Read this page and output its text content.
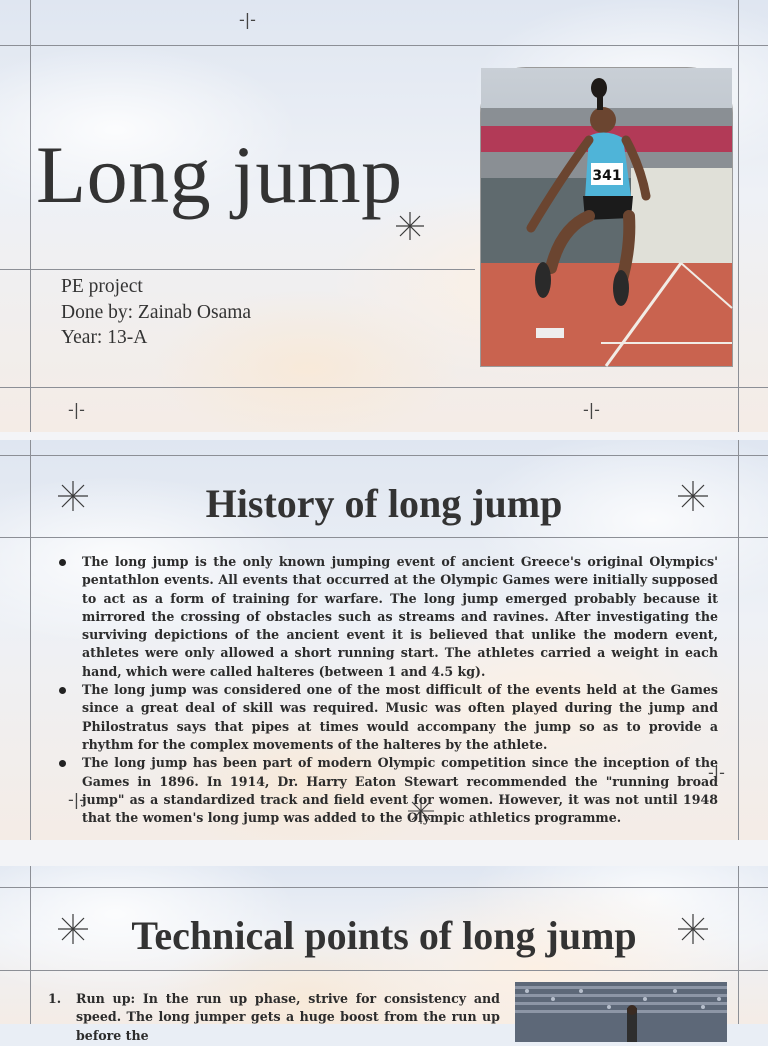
-|-
-|-	-|-
Long jump
PE project
Done by: Zainab Osama
Year: 13-A
341
History of long jump
The long jump is the only known jumping event of ancient Greece's original Olympics' pentathlon events. All events that occurred at the Olympic Games were initially supposed to act as a form of training for warfare. The long jump emerged probably because it mirrored the crossing of obstacles such as streams and ravines. After investigating the surviving depictions of the ancient event it is believed that unlike the modern event, athletes were only allowed a short running start. The athletes carried a weight in each hand, which were called halteres (between 1 and 4.5 kg).
The long jump was considered one of the most difficult of the events held at the Games since a great deal of skill was required. Music was often played during the jump and Philostratus says that pipes at times would accompany the jump so as to provide a rhythm for the complex movements of the halteres by the athlete.
The long jump has been part of modern Olympic competition since the inception of the Games in 1896. In 1914, Dr. Harry Eaton Stewart recommended the "running broad jump" as a standardized track and field event for women. However, it was not until 1948 that the women's long jump was added to the Olympic athletics programme.
-|-
-|-
Technical points of long jump
1. Run up: In the run up phase, strive for consistency and speed. The long jumper gets a huge boost from the run up before the
